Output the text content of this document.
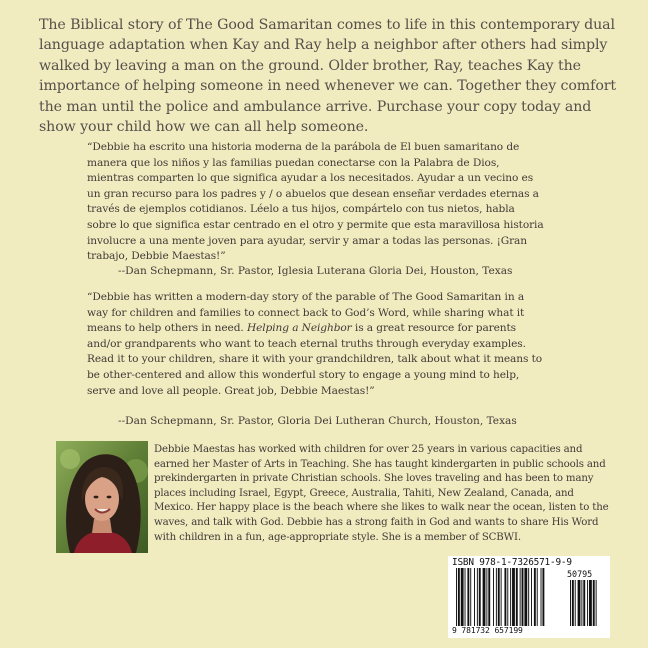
The Biblical story of The Good Samaritan comes to life in this contemporary dual language adaptation when Kay and Ray help a neighbor after others had simply walked by leaving a man on the ground. Older brother, Ray, teaches Kay the importance of helping someone in need whenever we can. Together they comfort the man until the police and ambulance arrive. Purchase your copy today and show your child how we can all help someone.

“Debbie ha escrito una historia moderna de la parábola de El buen samaritano de manera que los niños y las familias puedan conectarse con la Palabra de Dios, mientras comparten lo que significa ayudar a los necesitados. Ayudar a un vecino es un gran recurso para los padres y / o abuelos que desean enseñar verdades eternas a través de ejemplos cotidianos. Léelo a tus hijos, compártelo con tus nietos, habla sobre lo que significa estar centrado en el otro y permite que esta maravillosa historia involucre a una mente joven para ayudar, servir y amar a todas las personas. ¡Gran trabajo, Debbie Maestas!”

--Dan Schepmann, Sr. Pastor, Iglesia Luterana Gloria Dei, Houston, Texas

“Debbie has written a modern-day story of the parable of The Good Samaritan in a way for children and families to connect back to God’s Word, while sharing what it means to help others in need. Helping a Neighbor is a great resource for parents and/or grandparents who want to teach eternal truths through everyday examples. Read it to your children, share it with your grandchildren, talk about what it means to be other-centered and allow this wonderful story to engage a young mind to help, serve and love all people. Great job, Debbie Maestas!”

--Dan Schepmann, Sr. Pastor, Gloria Dei Lutheran Church, Houston, Texas

Debbie Maestas has worked with children for over 25 years in various capacities and earned her Master of Arts in Teaching. She has taught kindergarten in public schools and prekindergarten in private Christian schools. She loves traveling and has been to many places including Israel, Egypt, Greece, Australia, Tahiti, New Zealand, Canada, and Mexico. Her happy place is the beach where she likes to walk near the ocean, listen to the waves, and talk with God. Debbie has a strong faith in God and wants to share His Word with children in a fun, age-appropriate style. She is a member of SCBWI.

ISBN 978-1-7326571-9-9
50795
9 781732 657199
